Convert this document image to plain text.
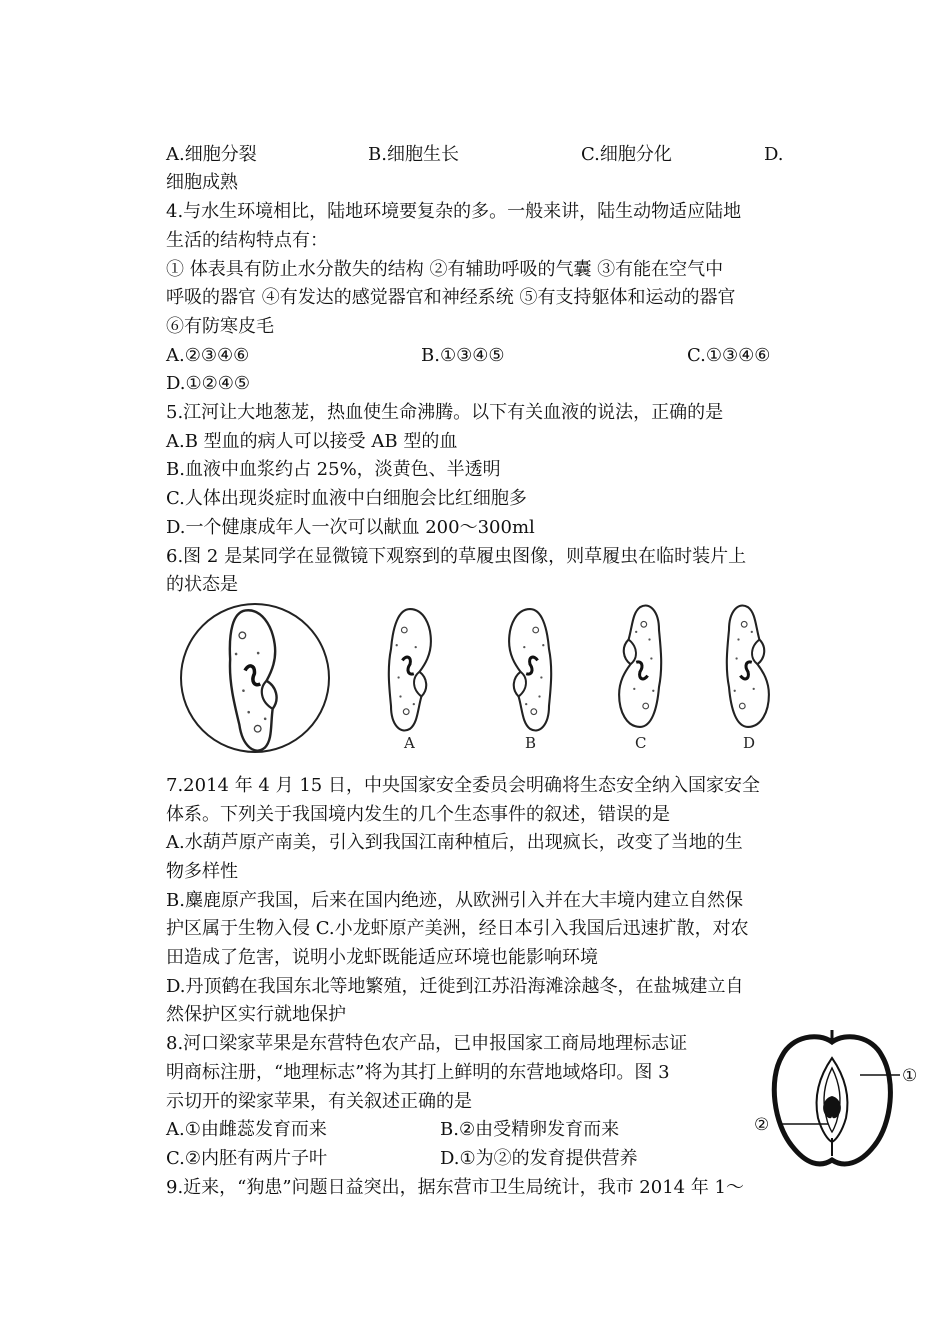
A.细胞分裂	B.细胞生长	C.细胞分化	D.
细胞成熟
4.与水生环境相比，陆地环境要复杂的多。一般来讲，陆生动物适应陆地
生活的结构特点有：
① 体表具有防止水分散失的结构 ②有辅助呼吸的气囊 ③有能在空气中
呼吸的器官 ④有发达的感觉器官和神经系统 ⑤有支持躯体和运动的器官
⑥有防寒皮毛
A.②③④⑥	B.①③④⑤	C.①③④⑥
D.①②④⑤
5.江河让大地葱茏，热血使生命沸腾。以下有关血液的说法，正确的是
A.B 型血的病人可以接受 AB 型的血
B.血液中血浆约占 25%，淡黄色、半透明
C.人体出现炎症时血液中白细胞会比红细胞多
D.一个健康成年人一次可以献血 200～300ml
6.图 2 是某同学在显微镜下观察到的草履虫图像，则草履虫在临时装片上
的状态是
A	B	C	D
7.2014 年 4 月 15 日，中央国家安全委员会明确将生态安全纳入国家安全
体系。下列关于我国境内发生的几个生态事件的叙述，错误的是
A.水葫芦原产南美，引入到我国江南种植后，出现疯长，改变了当地的生
物多样性
B.麋鹿原产我国，后来在国内绝迹，从欧洲引入并在大丰境内建立自然保
护区属于生物入侵 C.小龙虾原产美洲，经日本引入我国后迅速扩散，对农
田造成了危害，说明小龙虾既能适应环境也能影响环境
D.丹顶鹤在我国东北等地繁殖，迁徙到江苏沿海滩涂越冬，在盐城建立自
然保护区实行就地保护
8.河口梁家苹果是东营特色农产品，已申报国家工商局地理标志证
明商标注册，“地理标志”将为其打上鲜明的东营地域烙印。图 3
示切开的梁家苹果，有关叙述正确的是
A.①由雌蕊发育而来	B.②由受精卵发育而来
C.②内胚有两片子叶	D.①为②的发育提供营养
①
②
9.近来，“狗患”问题日益突出，据东营市卫生局统计，我市 2014 年 1～
